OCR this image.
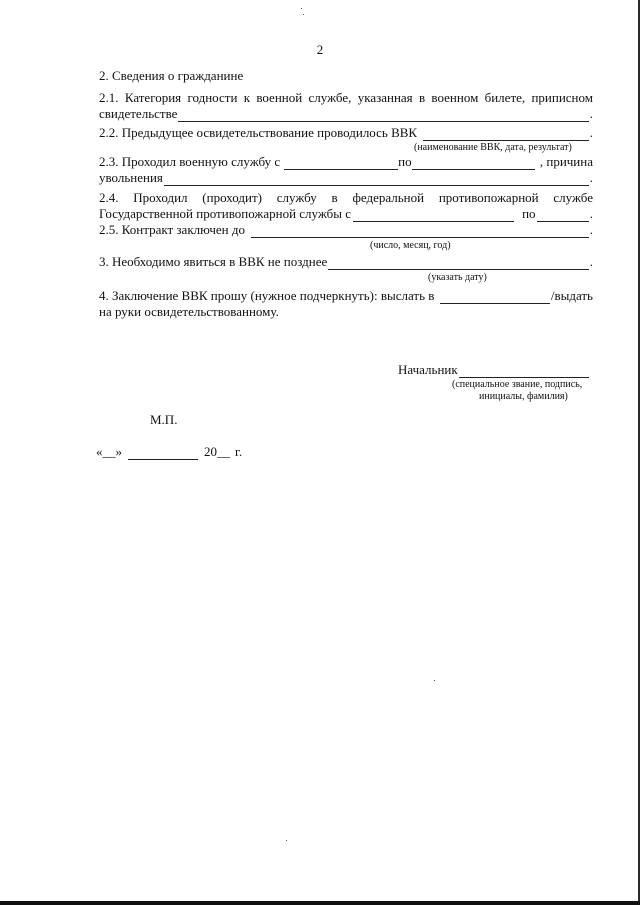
2
2. Сведения о гражданине
2.1. Категория годности к военной службе, указанная в военном билете, приписном
свидетельстве	.
2.2. Предыдущее освидетельствование проводилось ВВК	.
(наименование ВВК, дата, результат)
2.3. Проходил военную службу с	по	, причина
увольнения	.
2.4. Проходил (проходит) службу в федеральной противопожарной службе
Государственной противопожарной службы с	по	.
2.5. Контракт заключен до	.
(число, месяц, год)
3. Необходимо явиться в ВВК не позднее	.
(указать дату)
4. Заключение ВВК прошу (нужное подчеркнуть): выслать в	/выдать
на руки освидетельствованному.
Начальник
(специальное звание, подпись,
инициалы, фамилия)
М.П.
« __ »	20 __ г.
